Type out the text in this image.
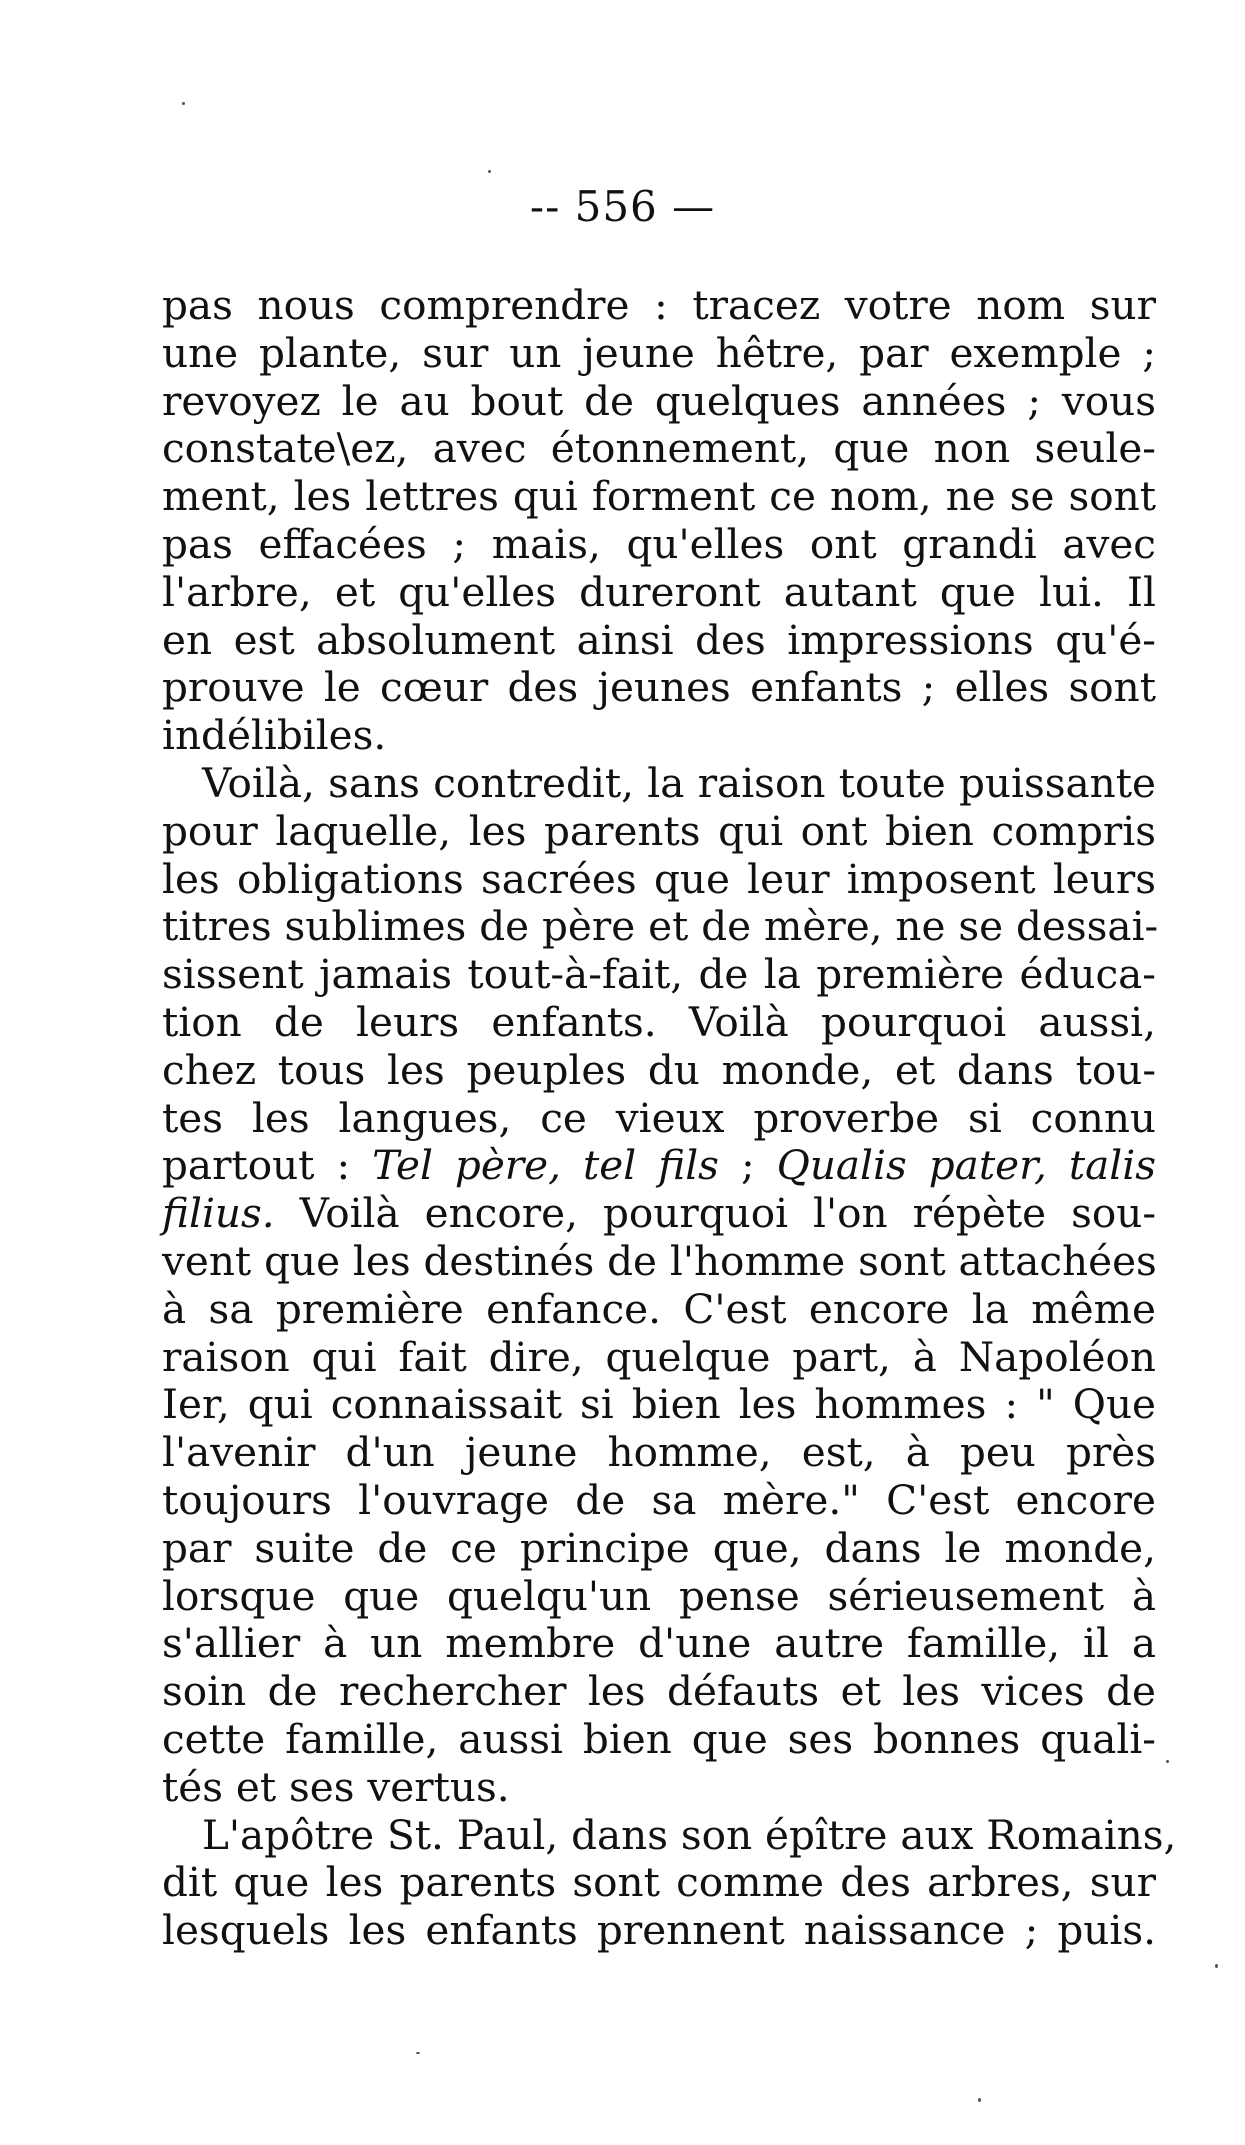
-- 556 —
pas nous comprendre : tracez votre nom sur
une plante, sur un jeune hêtre, par exemple ;
revoyez le au bout de quelques années ; vous
constate\ez, avec étonnement, que non seule-
ment, les lettres qui forment ce nom, ne se sont
pas effacées ; mais, qu'elles ont grandi avec
l'arbre, et qu'elles dureront autant que lui. Il
en est absolument ainsi des impressions qu'é-
prouve le cœur des jeunes enfants ; elles sont
indélibiles.
Voilà, sans contredit, la raison toute puissante
pour laquelle, les parents qui ont bien compris
les obligations sacrées que leur imposent leurs
titres sublimes de père et de mère, ne se dessai-
sissent jamais tout-à-fait, de la première éduca-
tion de leurs enfants. Voilà pourquoi aussi,
chez tous les peuples du monde, et dans tou-
tes les langues, ce vieux proverbe si connu
partout : Tel père, tel fils ; Qualis pater, talis
filius. Voilà encore, pourquoi l'on répète sou-
vent que les destinés de l'homme sont attachées
à sa première enfance. C'est encore la même
raison qui fait dire, quelque part, à Napoléon
Ier, qui connaissait si bien les hommes : " Que
l'avenir d'un jeune homme, est, à peu près
toujours l'ouvrage de sa mère." C'est encore
par suite de ce principe que, dans le monde,
lorsque que quelqu'un pense sérieusement à
s'allier à un membre d'une autre famille, il a
soin de rechercher les défauts et les vices de
cette famille, aussi bien que ses bonnes quali-
tés et ses vertus.
L'apôtre St. Paul, dans son épître aux Romains,
dit que les parents sont comme des arbres, sur
lesquels les enfants prennent naissance ; puis.
